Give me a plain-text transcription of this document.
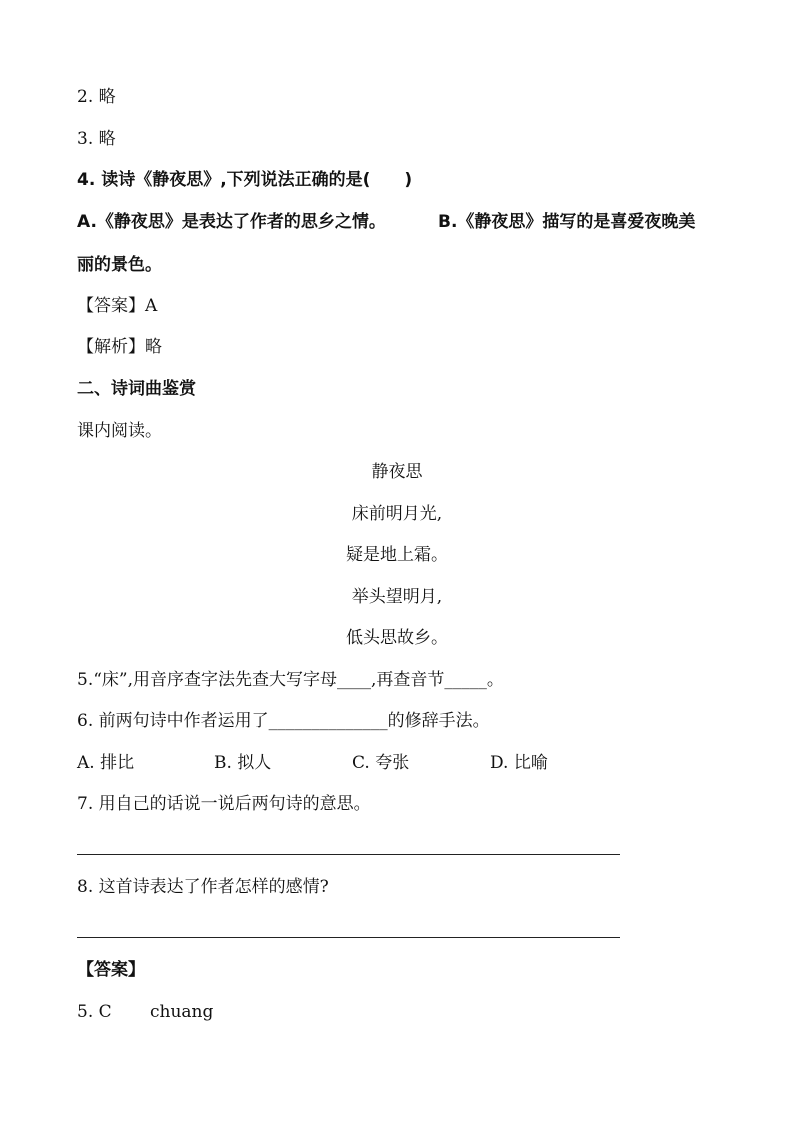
2. 略
3. 略
4. 读诗《静夜思》,下列说法正确的是(　　)
A.《静夜思》是表达了作者的思乡之情。	B.《静夜思》描写的是喜爱夜晚美
丽的景色。
【答案】A
【解析】略
二、诗词曲鉴赏
课内阅读。
静夜思
床前明月光,
疑是地上霜。
举头望明月,
低头思故乡。
5.“床”,用音序查字法先查大写字母____,再查音节_____。
6. 前两句诗中作者运用了______________的修辞手法。
A. 排比	B. 拟人	C. 夸张	D. 比喻
7. 用自己的话说一说后两句诗的意思。
8. 这首诗表达了作者怎样的感情?
【答案】
5. C chuang
